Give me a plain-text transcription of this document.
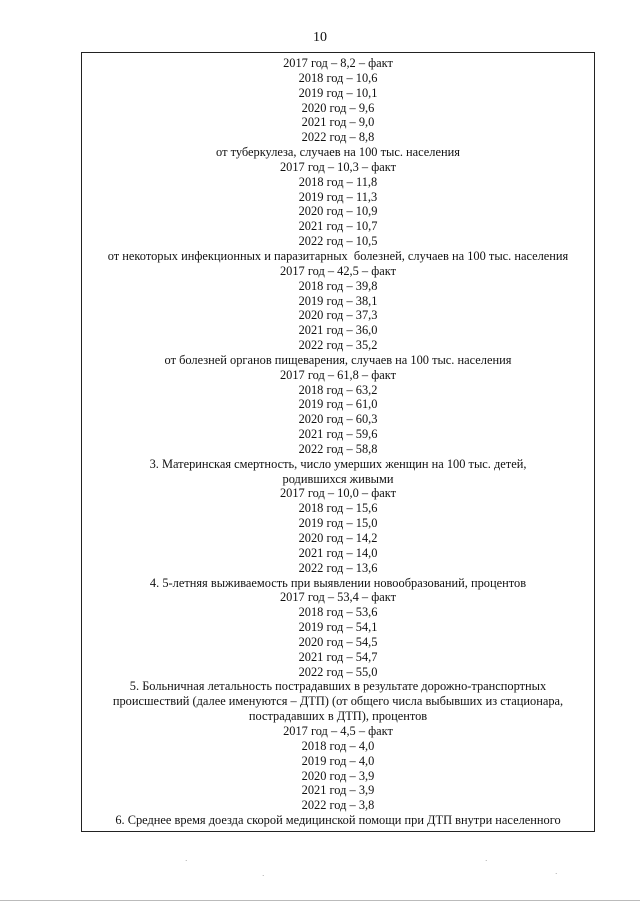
10
2017 год – 8,2 – факт
2018 год – 10,6
2019 год – 10,1
2020 год – 9,6
2021 год – 9,0
2022 год – 8,8
от туберкулеза, случаев на 100 тыс. населения
2017 год – 10,3 – факт
2018 год – 11,8
2019 год – 11,3
2020 год – 10,9
2021 год – 10,7
2022 год – 10,5
от некоторых инфекционных и паразитарных  болезней, случаев на 100 тыс. населения
2017 год – 42,5 – факт
2018 год – 39,8
2019 год – 38,1
2020 год – 37,3
2021 год – 36,0
2022 год – 35,2
от болезней органов пищеварения, случаев на 100 тыс. населения
2017 год – 61,8 – факт
2018 год – 63,2
2019 год – 61,0
2020 год – 60,3
2021 год – 59,6
2022 год – 58,8
3. Материнская смертность, число умерших женщин на 100 тыс. детей,
родившихся живыми
2017 год – 10,0 – факт
2018 год – 15,6
2019 год – 15,0
2020 год – 14,2
2021 год – 14,0
2022 год – 13,6
4. 5-летняя выживаемость при выявлении новообразований, процентов
2017 год – 53,4 – факт
2018 год – 53,6
2019 год – 54,1
2020 год – 54,5
2021 год – 54,7
2022 год – 55,0
5. Больничная летальность пострадавших в результате дорожно-транспортных
происшествий (далее именуются – ДТП) (от общего числа выбывших из стационара,
пострадавших в ДТП), процентов
2017 год – 4,5 – факт
2018 год – 4,0
2019 год – 4,0
2020 год – 3,9
2021 год – 3,9
2022 год – 3,8
6. Среднее время доезда скорой медицинской помощи при ДТП внутри населенного
·
·
·
·
